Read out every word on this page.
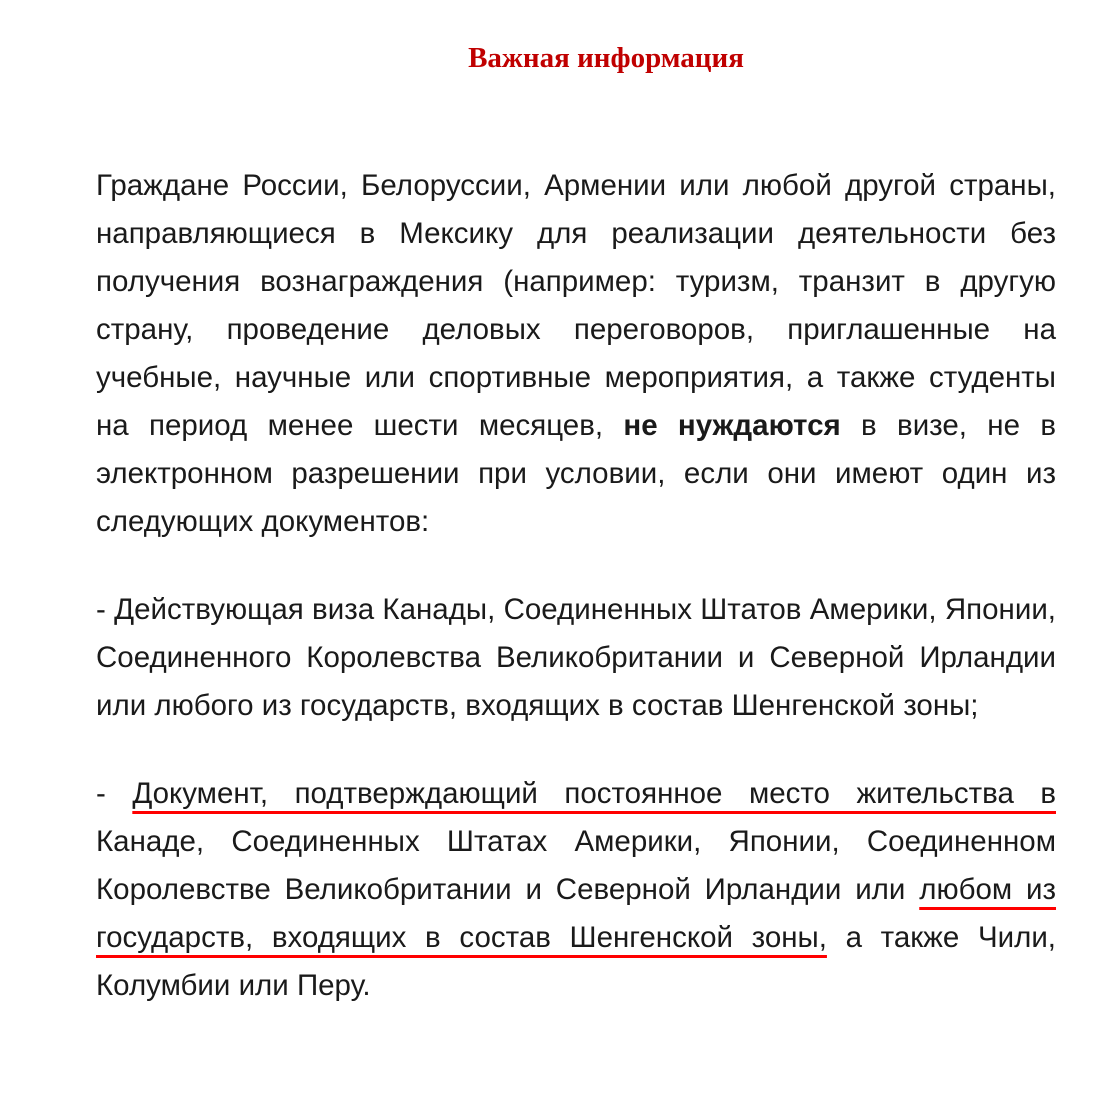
Важная информация

Граждане России, Белоруссии, Армении или любой другой страны, направляющиеся в Мексику для реализации деятельности без получения вознаграждения (например: туризм, транзит в другую страну, проведение деловых переговоров, приглашенные на учебные, научные или спортивные мероприятия, а также студенты на период менее шести месяцев, не нуждаются в визе, не в электронном разрешении при условии, если они имеют один из следующих документов:

- Действующая виза Канады, Соединенных Штатов Америки, Японии, Соединенного Королевства Великобритании и Северной Ирландии или любого из государств, входящих в состав Шенгенской зоны;

- Документ, подтверждающий постоянное место жительства в Канаде, Соединенных Штатах Америки, Японии, Соединенном Королевстве Великобритании и Северной Ирландии или любом из государств, входящих в состав Шенгенской зоны, а также Чили, Колумбии или Перу.
